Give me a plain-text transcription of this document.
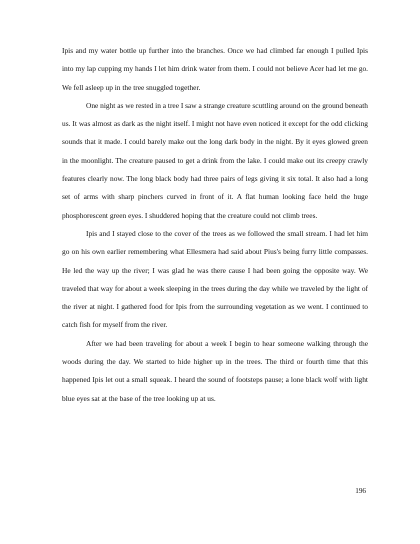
Ipis and my water bottle up further into the branches. Once we had climbed far enough I pulled Ipis into my lap cupping my hands I let him drink water from them. I could not believe Acer had let me go. We fell asleep up in the tree snuggled together.

One night as we rested in a tree I saw a strange creature scuttling around on the ground beneath us. It was almost as dark as the night itself. I might not have even noticed it except for the odd clicking sounds that it made. I could barely make out the long dark body in the night. By it eyes glowed green in the moonlight. The creature paused to get a drink from the lake. I could make out its creepy crawly features clearly now. The long black body had three pairs of legs giving it six total. It also had a long set of arms with sharp pinchers curved in front of it. A flat human looking face held the huge phosphorescent green eyes. I shuddered hoping that the creature could not climb trees.

Ipis and I stayed close to the cover of the trees as we followed the small stream. I had let him go on his own earlier remembering what Ellesmera had said about Pius's being furry little compasses. He led the way up the river; I was glad he was there cause I had been going the opposite way. We traveled that way for about a week sleeping in the trees during the day while we traveled by the light of the river at night. I gathered food for Ipis from the surrounding vegetation as we went. I continued to catch fish for myself from the river.

After we had been traveling for about a week I begin to hear someone walking through the woods during the day. We started to hide higher up in the trees. The third or fourth time that this happened Ipis let out a small squeak. I heard the sound of footsteps pause; a lone black wolf with light blue eyes sat at the base of the tree looking up at us.

196
